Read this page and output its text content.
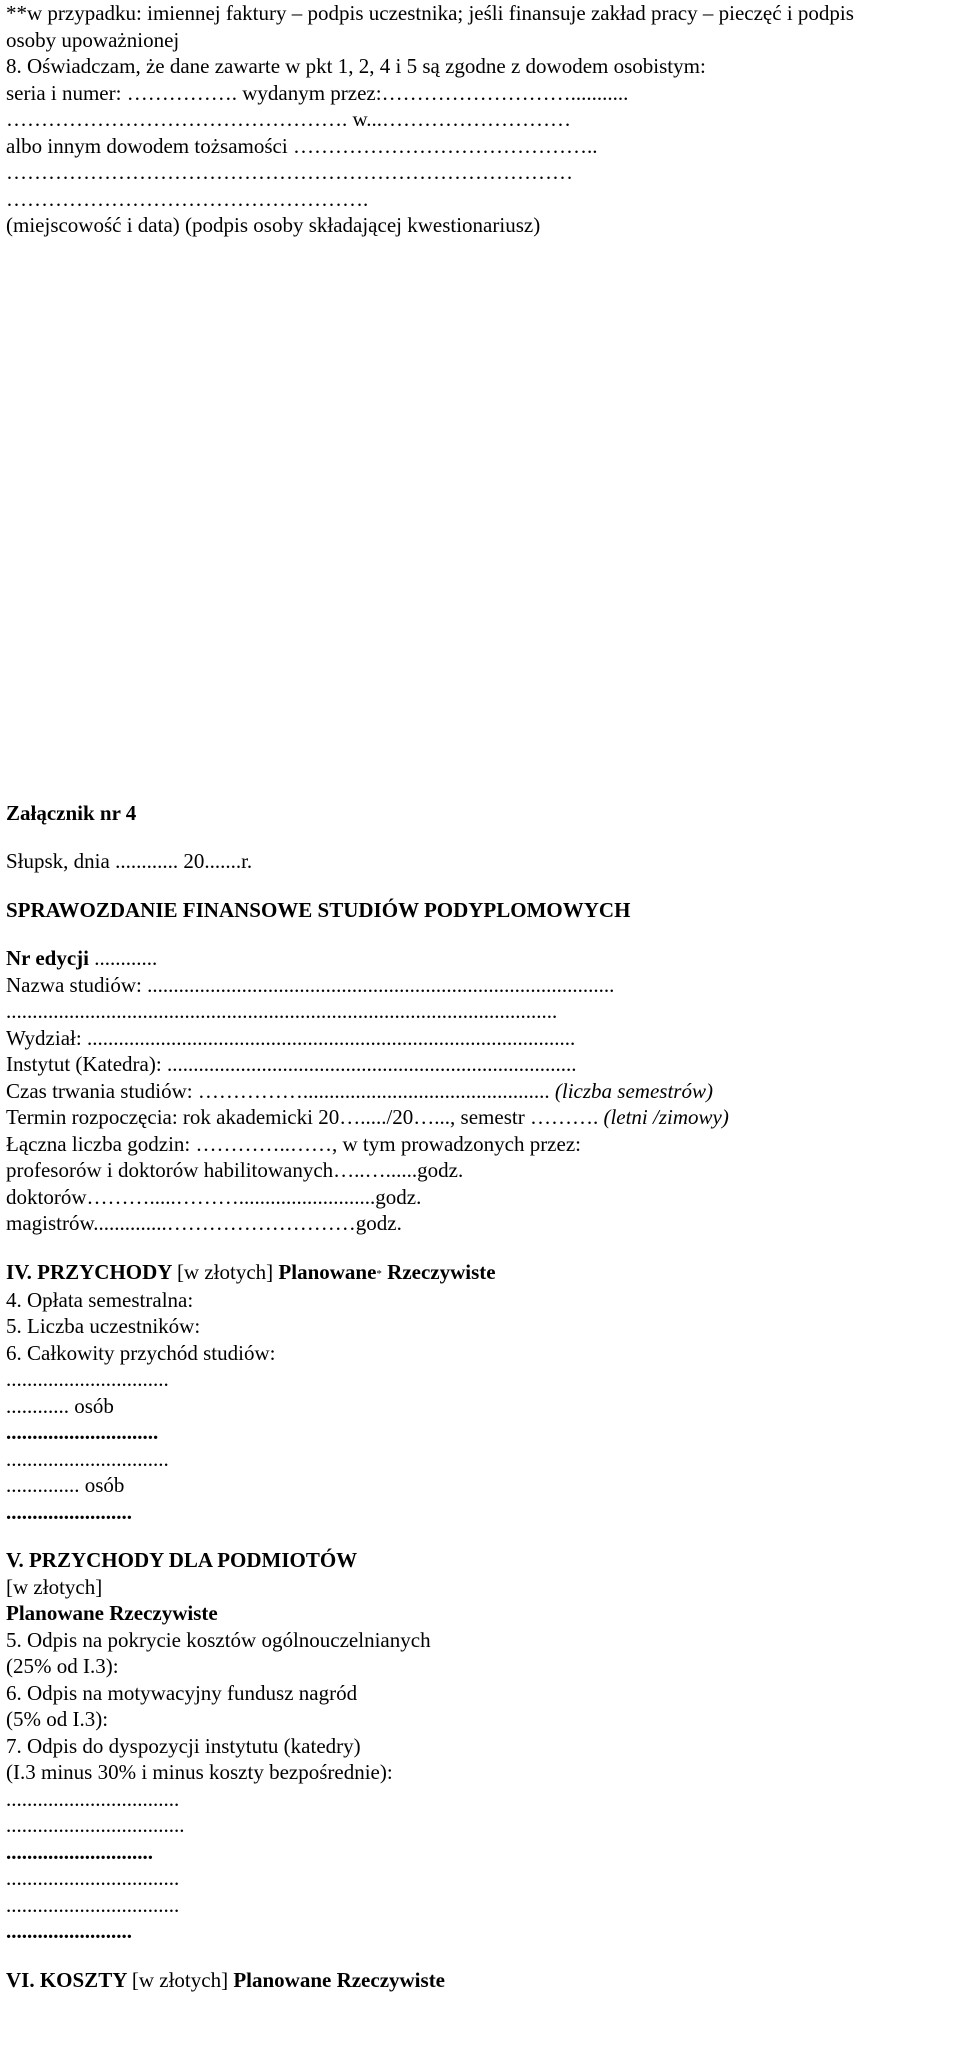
**w przypadku: imiennej faktury – podpis uczestnika; jeśli finansuje zakład pracy – pieczęć i podpis
osoby upoważnionej
8. Oświadczam, że dane zawarte w pkt 1, 2, 4 i 5 są zgodne z dowodem osobistym:
seria i numer: ……………. wydanym przez:………………………...........
…………………………………………. w...………………………
albo innym dowodem tożsamości ……………………………………..
………………………………………………………………………
…………………………………………….
(miejscowość i data) (podpis osoby składającej kwestionariusz)
Załącznik nr 4
Słupsk, dnia ............ 20.......r.
SPRAWOZDANIE FINANSOWE STUDIÓW PODYPLOMOWYCH
Nr edycji ............
Nazwa studiów: .........................................................................................
.........................................................................................................
Wydział: .............................................................................................
Instytut (Katedra): ..............................................................................
Czas trwania studiów: ……………............................................... (liczba semestrów)
Termin rozpoczęcia: rok akademicki 20…...../20…..., semestr ………. (letni /zimowy)
Łączna liczba godzin: …………..……, w tym prowadzonych przez:
profesorów i doktorów habilitowanych…..…......godz.
doktorów……….....………..........................godz.
magistrów..............………………………godz.
IV. PRZYCHODY [w złotych] Planowane* Rzeczywiste
4. Opłata semestralna:
5. Liczba uczestników:
6. Całkowity przychód studiów:
...............................
............ osób
.............................
...............................
.............. osób
........................
V. PRZYCHODY DLA PODMIOTÓW
[w złotych]
Planowane Rzeczywiste
5. Odpis na pokrycie kosztów ogólnouczelnianych
(25% od I.3):
6. Odpis na motywacyjny fundusz nagród
(5% od I.3):
7. Odpis do dyspozycji instytutu (katedry)
(I.3 minus 30% i minus koszty bezpośrednie):
.................................
..................................
............................
.................................
.................................
........................
VI. KOSZTY [w złotych] Planowane Rzeczywiste
